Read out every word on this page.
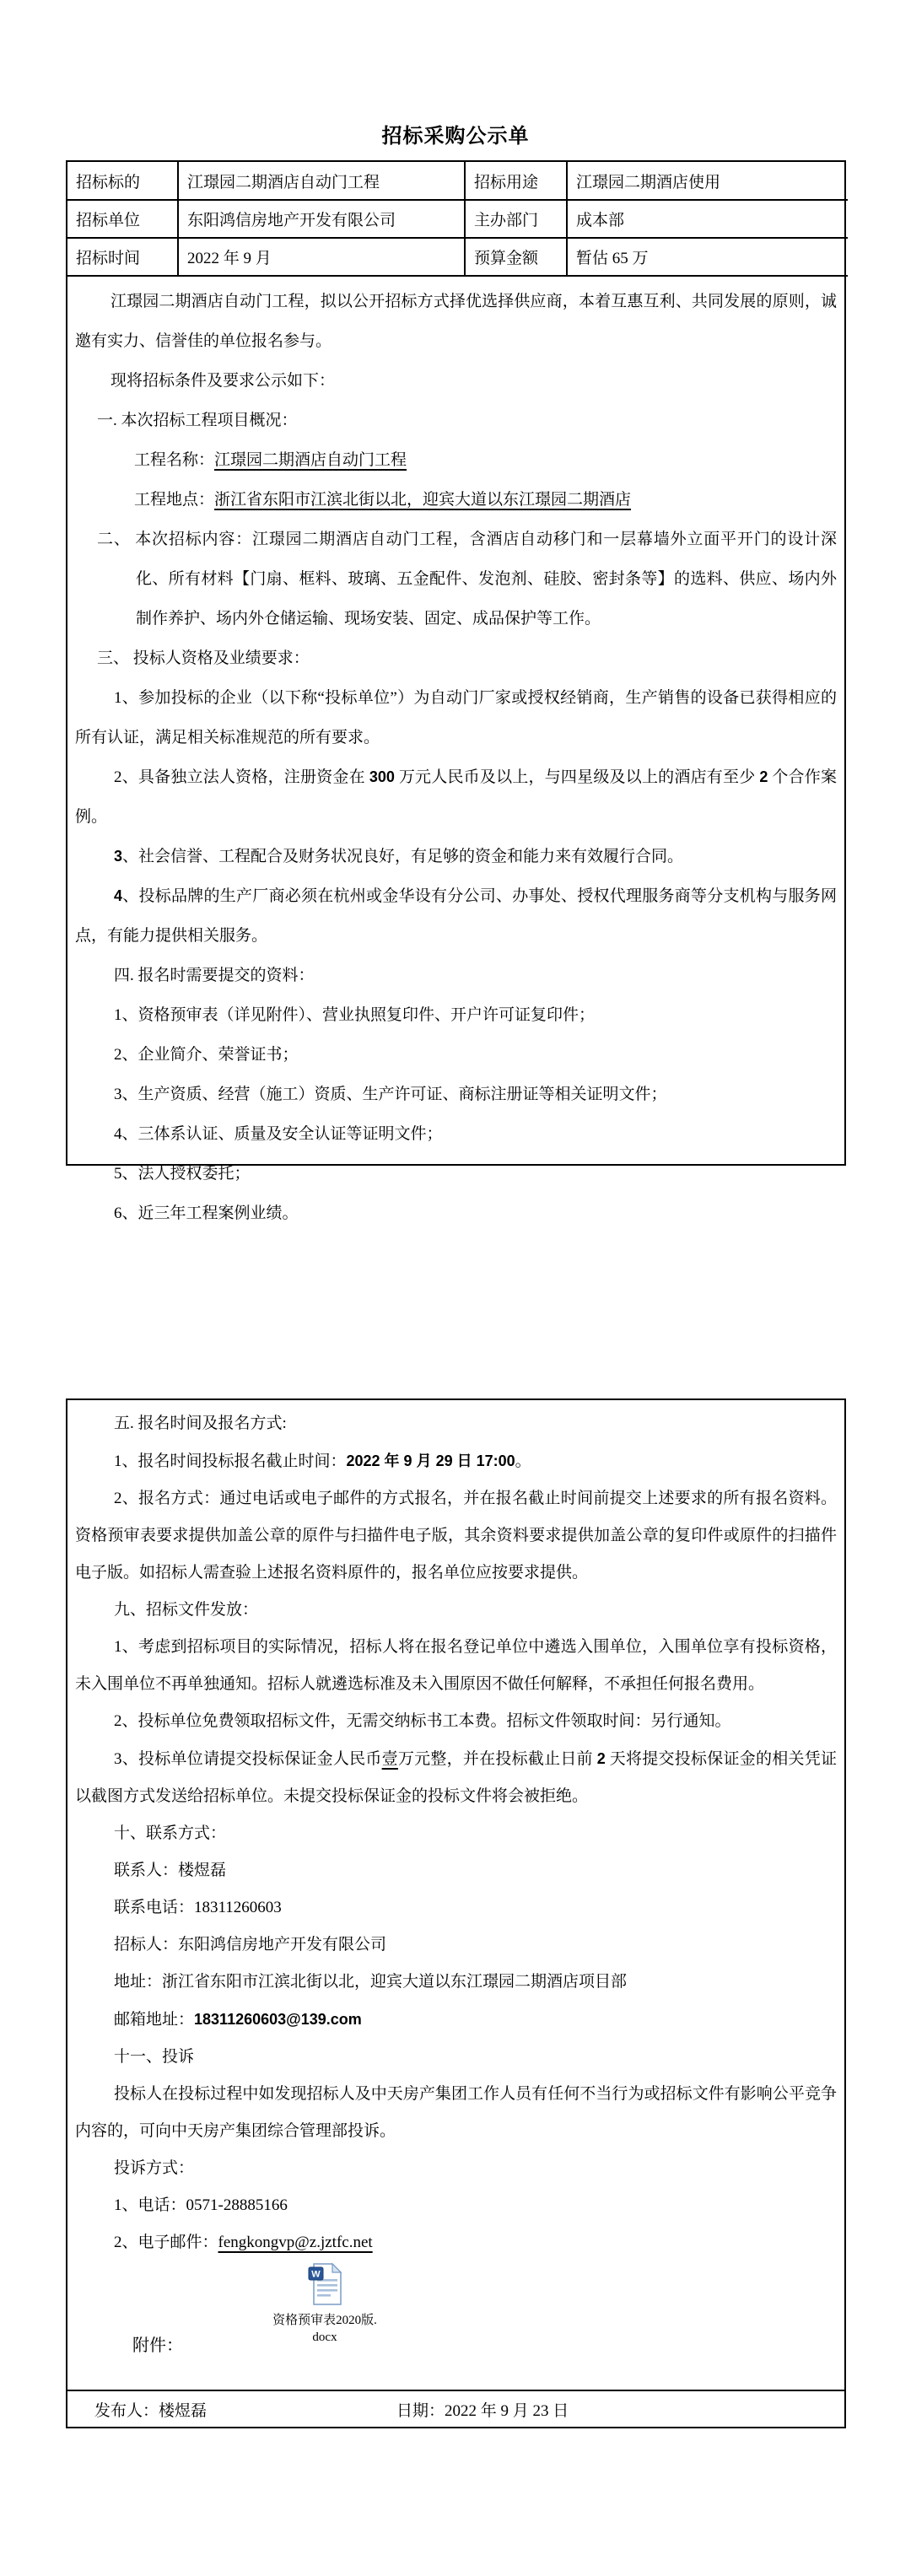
招标采购公示单
招标标的	江璟园二期酒店自动门工程	招标用途	江璟园二期酒店使用
招标单位	东阳鸿信房地产开发有限公司	主办部门	成本部
招标时间	2022 年 9 月	预算金额	暂估 65 万
江璟园二期酒店自动门工程，拟以公开招标方式择优选择供应商，本着互惠互利、共同发展的原则，诚邀有实力、信誉佳的单位报名参与。
现将招标条件及要求公示如下：
一. 本次招标工程项目概况：
工程名称：江璟园二期酒店自动门工程
工程地点：浙江省东阳市江滨北街以北，迎宾大道以东江璟园二期酒店
二、 本次招标内容：江璟园二期酒店自动门工程，含酒店自动移门和一层幕墙外立面平开门的设计深化、所有材料【门扇、框料、玻璃、五金配件、发泡剂、硅胶、密封条等】的选料、供应、场内外制作养护、场内外仓储运输、现场安装、固定、成品保护等工作。
三、 投标人资格及业绩要求：
1、参加投标的企业（以下称“投标单位”）为自动门厂家或授权经销商，生产销售的设备已获得相应的所有认证，满足相关标准规范的所有要求。
2、具备独立法人资格，注册资金在 300 万元人民币及以上，与四星级及以上的酒店有至少 2 个合作案例。
3、社会信誉、工程配合及财务状况良好，有足够的资金和能力来有效履行合同。
4、投标品牌的生产厂商必须在杭州或金华设有分公司、办事处、授权代理服务商等分支机构与服务网点，有能力提供相关服务。
四. 报名时需要提交的资料：
1、资格预审表（详见附件）、营业执照复印件、开户许可证复印件；
2、企业简介、荣誉证书；
3、生产资质、经营（施工）资质、生产许可证、商标注册证等相关证明文件；
4、三体系认证、质量及安全认证等证明文件；
5、法人授权委托；
6、近三年工程案例业绩。
五. 报名时间及报名方式:
1、报名时间投标报名截止时间：2022 年 9 月 29 日 17:00。
2、报名方式：通过电话或电子邮件的方式报名，并在报名截止时间前提交上述要求的所有报名资料。资格预审表要求提供加盖公章的原件与扫描件电子版，其余资料要求提供加盖公章的复印件或原件的扫描件电子版。如招标人需查验上述报名资料原件的，报名单位应按要求提供。
九、招标文件发放：
1、考虑到招标项目的实际情况，招标人将在报名登记单位中遴选入围单位，入围单位享有投标资格，未入围单位不再单独通知。招标人就遴选标准及未入围原因不做任何解释，不承担任何报名费用。
2、投标单位免费领取招标文件，无需交纳标书工本费。招标文件领取时间：另行通知。
3、投标单位请提交投标保证金人民币壹万元整，并在投标截止日前 2 天将提交投标保证金的相关凭证以截图方式发送给招标单位。未提交投标保证金的投标文件将会被拒绝。
十、联系方式：
联系人：楼煜磊
联系电话：18311260603
招标人：东阳鸿信房地产开发有限公司
地址：浙江省东阳市江滨北街以北，迎宾大道以东江璟园二期酒店项目部
邮箱地址：18311260603@139.com
十一、投诉
投标人在投标过程中如发现招标人及中天房产集团工作人员有任何不当行为或招标文件有影响公平竞争内容的，可向中天房产集团综合管理部投诉。
投诉方式：
1、电话：0571-28885166
2、电子邮件：fengkongvp@z.jztfc.net
附件：
W
资格预审表2020版.
docx
发布人：楼煜磊	日期：2022 年 9 月 23 日
